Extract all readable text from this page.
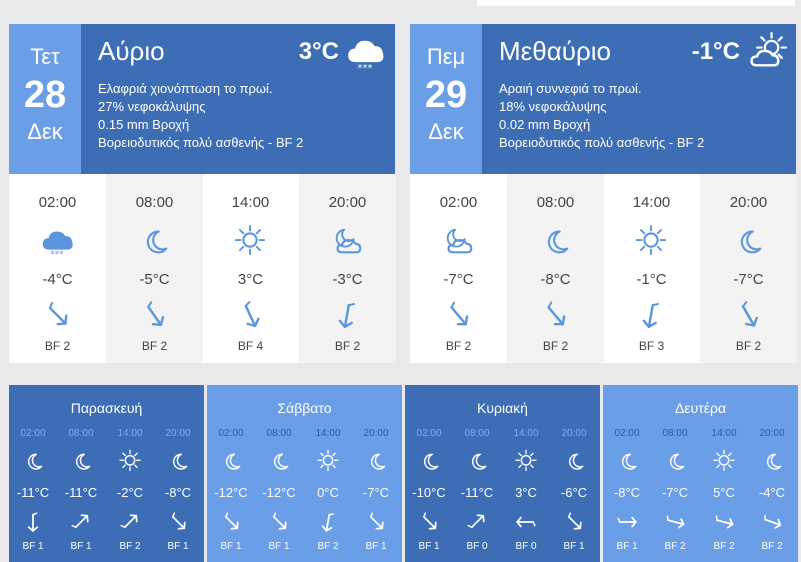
Τετ
28
Δεκ
Αύριο	3°C
***
Ελαφριά χιονόπτωση το πρωί.
27% νεφοκάλυψης
0.15 mm Βροχή
Βορειοδυτικός πολύ ασθενής - BF 2
02:00
***
-4°C
BF 2
08:00
-5°C
BF 2
14:00
3°C
BF 4
20:00
-3°C
BF 2
Πεμ
29
Δεκ
Μεθαύριο	-1°C
Αραιή συννεφιά το πρωί.
18% νεφοκάλυψης
0.02 mm Βροχή
Βορειοδυτικός πολύ ασθενής - BF 2
02:00
-7°C
BF 2
08:00
-8°C
BF 2
14:00
-1°C
BF 3
20:00
-7°C
BF 2
Παρασκευή
02:00
-11°C
BF 1
08:00
-11°C
BF 1
14:00
-2°C
BF 2
20:00
-8°C
BF 1
Σάββατο
02:00
-12°C
BF 1
08:00
-12°C
BF 1
14:00
0°C
BF 2
20:00
-7°C
BF 1
Κυριακή
02:00
-10°C
BF 1
08:00
-11°C
BF 0
14:00
3°C
BF 0
20:00
-6°C
BF 1
Δευτέρα
02:00
-8°C
BF 1
08:00
-7°C
BF 2
14:00
5°C
BF 2
20:00
-4°C
BF 2
